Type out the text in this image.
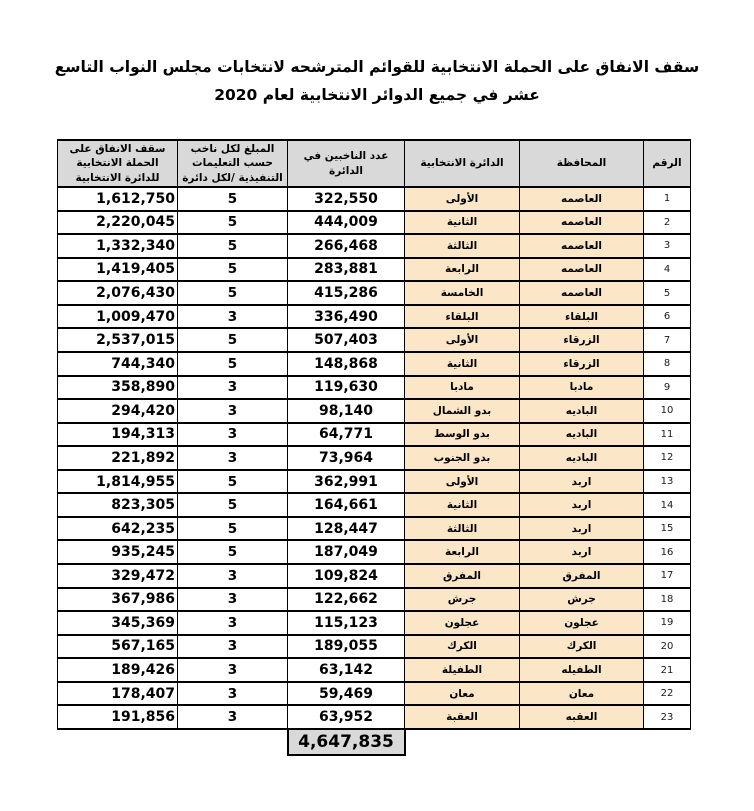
سقف الانفاق على الحملة الانتخابية للقوائم المترشحه لانتخابات مجلس النواب التاسع عشر في جميع الدوائر الانتخابية لعام 2020
الرقم	المحافظة	الدائرة الانتخابية	عدد الناخبين في الدائرة	المبلغ لكل ناخب حسب التعليمات التنفيذية /لكل دائرة	سقف الانفاق على الحملة الانتخابية للدائرة الانتخابية
1	العاصمه	الأولى	322,550	5	1,612,750
2	العاصمه	الثانية	444,009	5	2,220,045
3	العاصمه	الثالثة	266,468	5	1,332,340
4	العاصمه	الرابعة	283,881	5	1,419,405
5	العاصمه	الخامسة	415,286	5	2,076,430
6	البلقاء	البلقاء	336,490	3	1,009,470
7	الزرقاء	الأولى	507,403	5	2,537,015
8	الزرقاء	الثانية	148,868	5	744,340
9	مادبا	مادبا	119,630	3	358,890
10	الباديه	بدو الشمال	98,140	3	294,420
11	الباديه	بدو الوسط	64,771	3	194,313
12	الباديه	بدو الجنوب	73,964	3	221,892
13	اربد	الأولى	362,991	5	1,814,955
14	اربد	الثانية	164,661	5	823,305
15	اربد	الثالثة	128,447	5	642,235
16	اربد	الرابعة	187,049	5	935,245
17	المفرق	المفرق	109,824	3	329,472
18	جرش	جرش	122,662	3	367,986
19	عجلون	عجلون	115,123	3	345,369
20	الكرك	الكرك	189,055	3	567,165
21	الطفيله	الطفيلة	63,142	3	189,426
22	معان	معان	59,469	3	178,407
23	العقبه	العقبة	63,952	3	191,856
			4,647,835		
